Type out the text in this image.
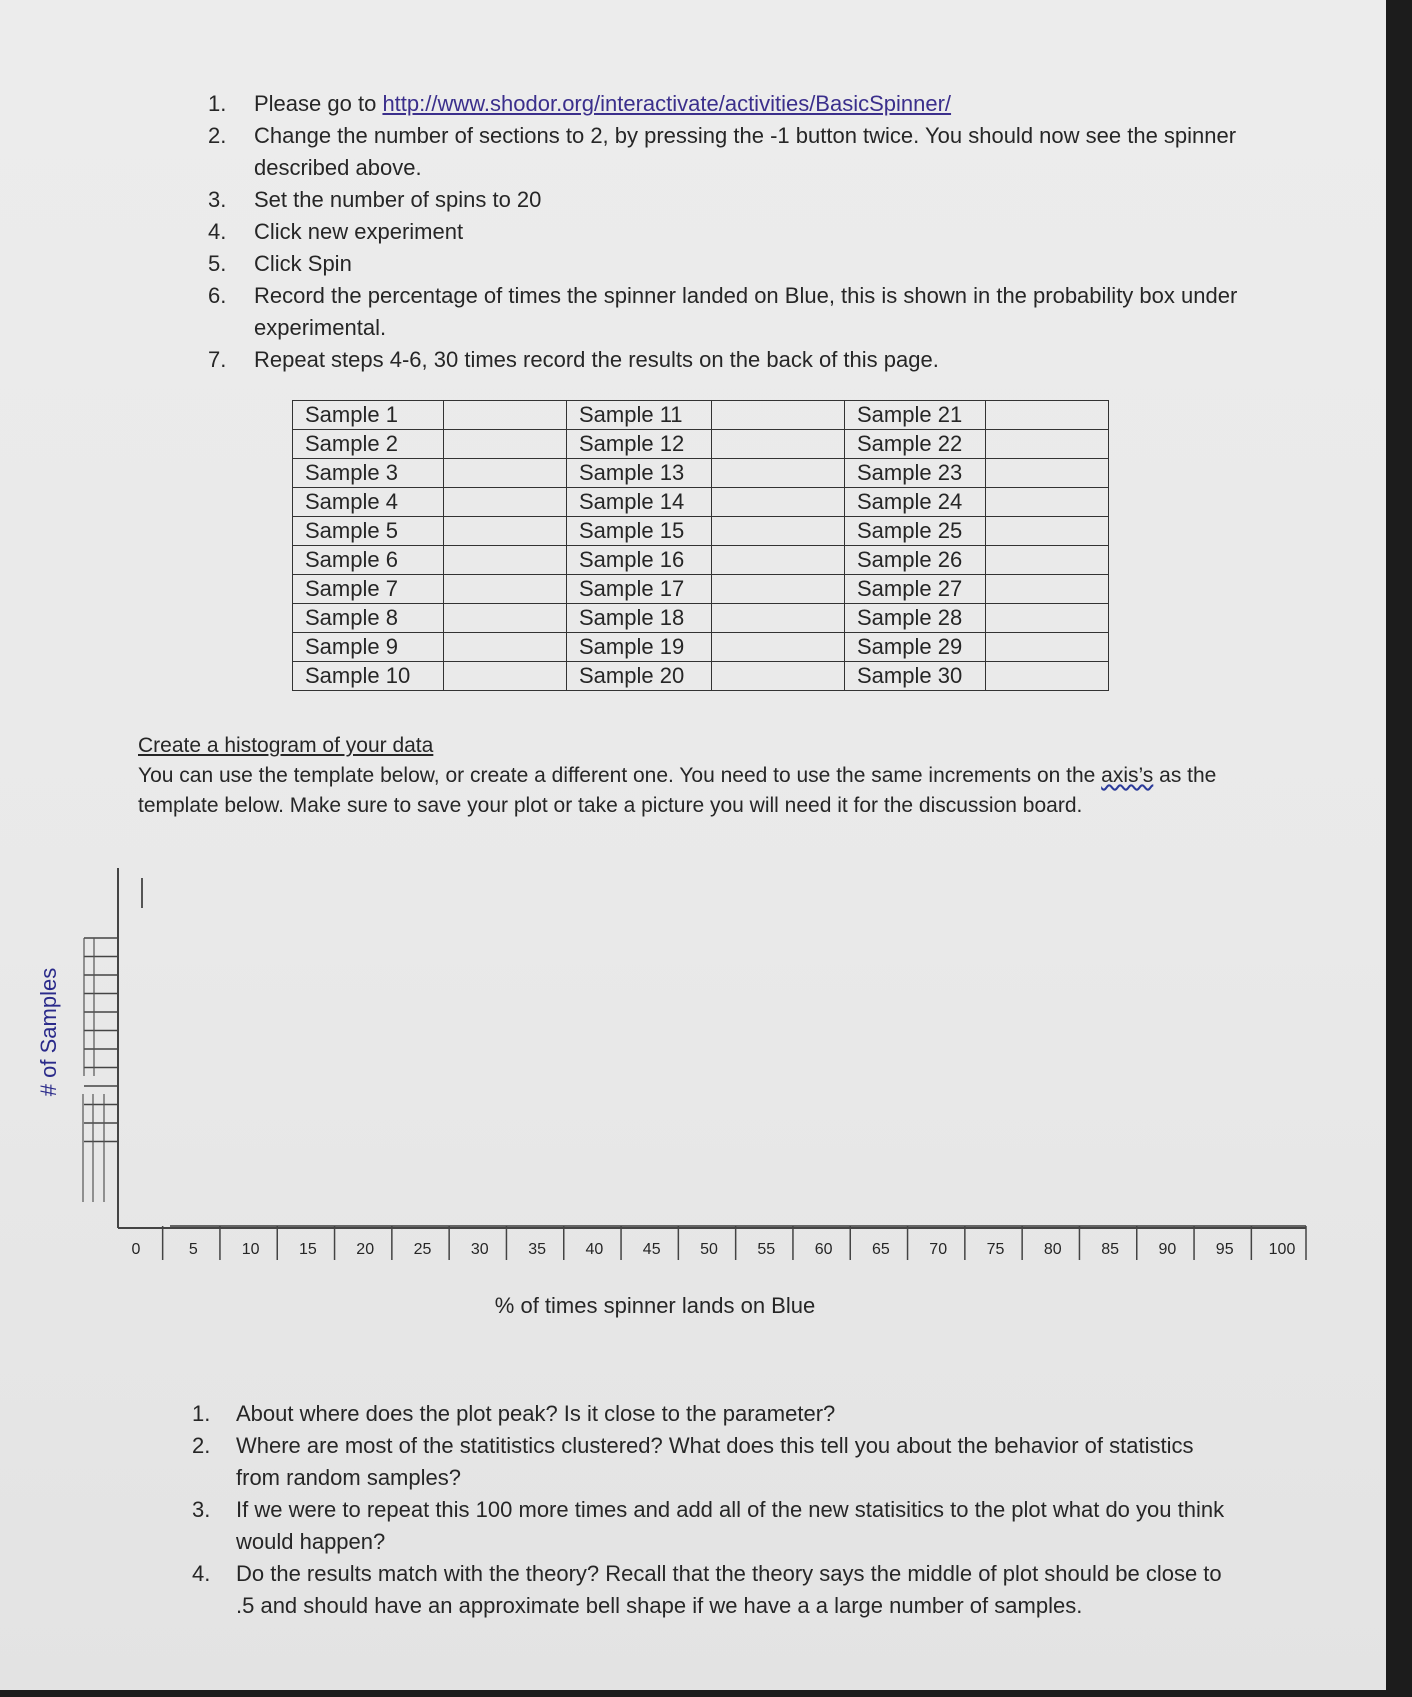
1. Please go to http://www.shodor.org/interactivate/activities/BasicSpinner/
2. Change the number of sections to 2, by pressing the -1 button twice. You should now see the spinner described above.
3. Set the number of spins to 20
4. Click new experiment
5. Click Spin
6. Record the percentage of times the spinner landed on Blue, this is shown in the probability box under experimental.
7. Repeat steps 4-6, 30 times record the results on the back of this page.
Sample 1		Sample 11		Sample 21	
Sample 2		Sample 12		Sample 22	
Sample 3		Sample 13		Sample 23	
Sample 4		Sample 14		Sample 24	
Sample 5		Sample 15		Sample 25	
Sample 6		Sample 16		Sample 26	
Sample 7		Sample 17		Sample 27	
Sample 8		Sample 18		Sample 28	
Sample 9		Sample 19		Sample 29	
Sample 10		Sample 20		Sample 30	
Create a histogram of your data
You can use the template below, or create a different one. You need to use the same increments on the axis’s as the template below. Make sure to save your plot or take a picture you will need it for the discussion board.
0	5	10 15 20 25 30 35 40 45 50 55 60 65 70 75 80 85 90 95 100
# of Samples
% of times spinner lands on Blue
1. About where does the plot peak? Is it close to the parameter?
2. Where are most of the statitistics clustered? What does this tell you about the behavior of statistics from random samples?
3. If we were to repeat this 100 more times and add all of the new statisitics to the plot what do you think would happen?
4. Do the results match with the theory? Recall that the theory says the middle of plot should be close to .5 and should have an approximate bell shape if we have a a large number of samples.
